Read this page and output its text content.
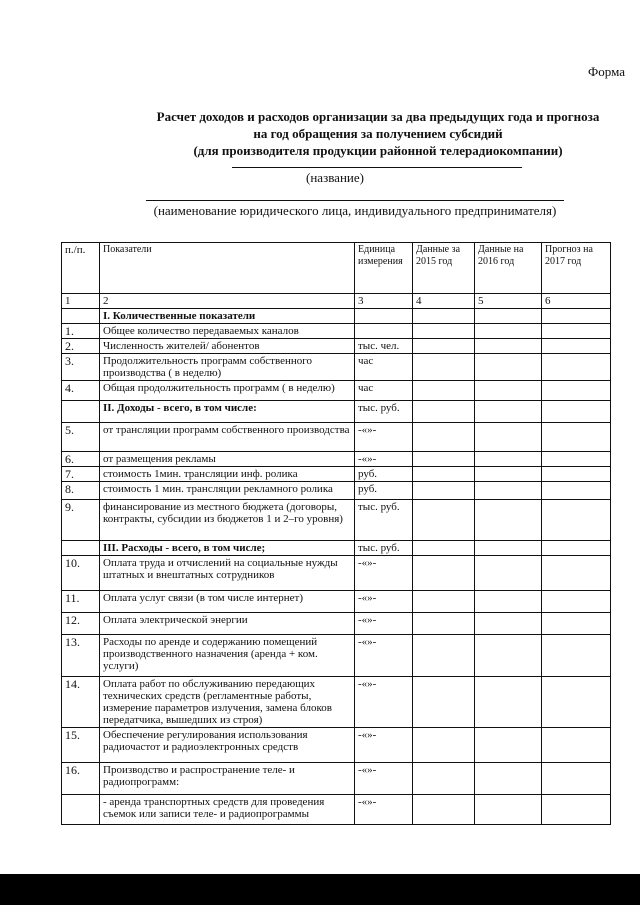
Форма
Расчет доходов и расходов организации за два предыдущих года и прогноза
на год обращения за получением субсидий
(для производителя продукции районной телерадиокомпании)
(название)
(наименование юридического лица, индивидуального предпринимателя)
п./п.	Показатели	Единица измерения	Данные за 2015 год	Данные на 2016 год	Прогноз на 2017 год
1	2	3	4	5	6
	I. Количественные показатели				
1.	Общее количество передаваемых каналов				
2.	Численность жителей/ абонентов	тыс. чел.			
3.	Продолжительность программ собственного производства ( в неделю)	час			
4.	Общая продолжительность программ ( в неделю)	час			
	II. Доходы - всего, в том числе:	тыс. руб.			
5.	от трансляции программ собственного производства	-«»-			
6.	от размещения рекламы	-«»-			
7.	стоимость 1мин. трансляции инф. ролика	руб.			
8.	стоимость 1 мин. трансляции рекламного ролика	руб.			
9.	финансирование из местного бюджета (договоры, контракты, субсидии из бюджетов 1 и 2–го уровня)	тыс. руб.			
	III. Расходы - всего, в том числе;	тыс. руб.			
10.	Оплата труда и отчислений на социальные нужды штатных и внештатных сотрудников	-«»-			
11.	Оплата услуг связи (в том числе интернет)	-«»-			
12.	Оплата электрической энергии	-«»-			
13.	Расходы по аренде и содержанию помещений производственного назначения (аренда + ком. услуги)	-«»-			
14.	Оплата работ по обслуживанию передающих технических средств (регламентные работы, измерение параметров излучения, замена блоков передатчика, вышедших из строя)	-«»-			
15.	Обеспечение регулирования использования радиочастот и радиоэлектронных средств	-«»-			
16.	Производство и распространение теле- и радиопрограмм:	-«»-			
	- аренда транспортных средств для проведения съемок или записи теле- и радиопрограммы	-«»-			
